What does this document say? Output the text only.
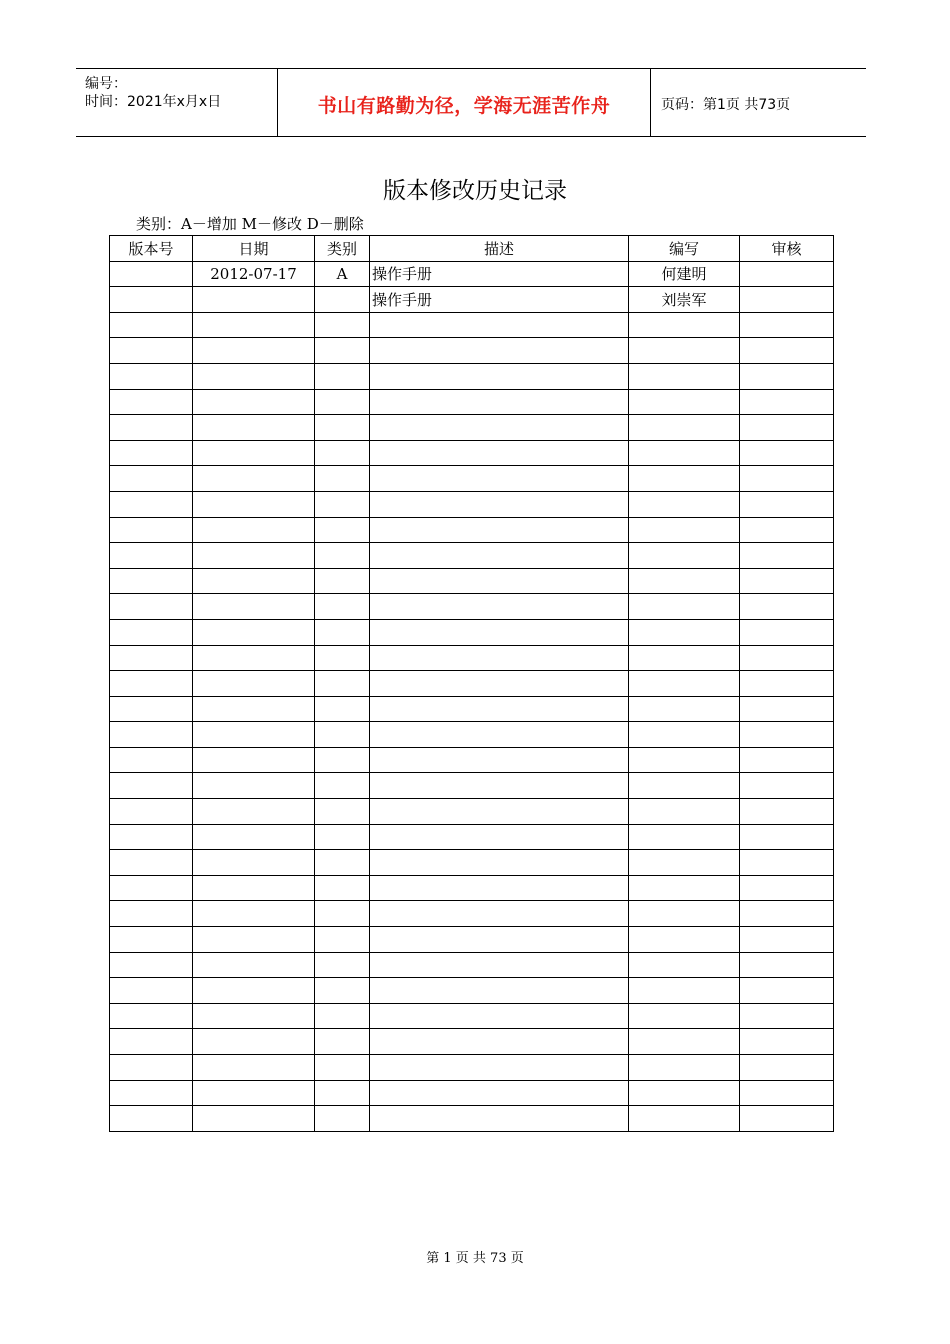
编号：
时间：2021年x月x日	书山有路勤为径，学海无涯苦作舟	页码：第1页 共73页
版本修改历史记录
类别：A－增加 M－修改 D－删除
版本号	日期	类别	描述	编写	审核
	2012-07-17	A	操作手册	何建明	
			操作手册	刘崇军	

第 1 页 共 73 页
